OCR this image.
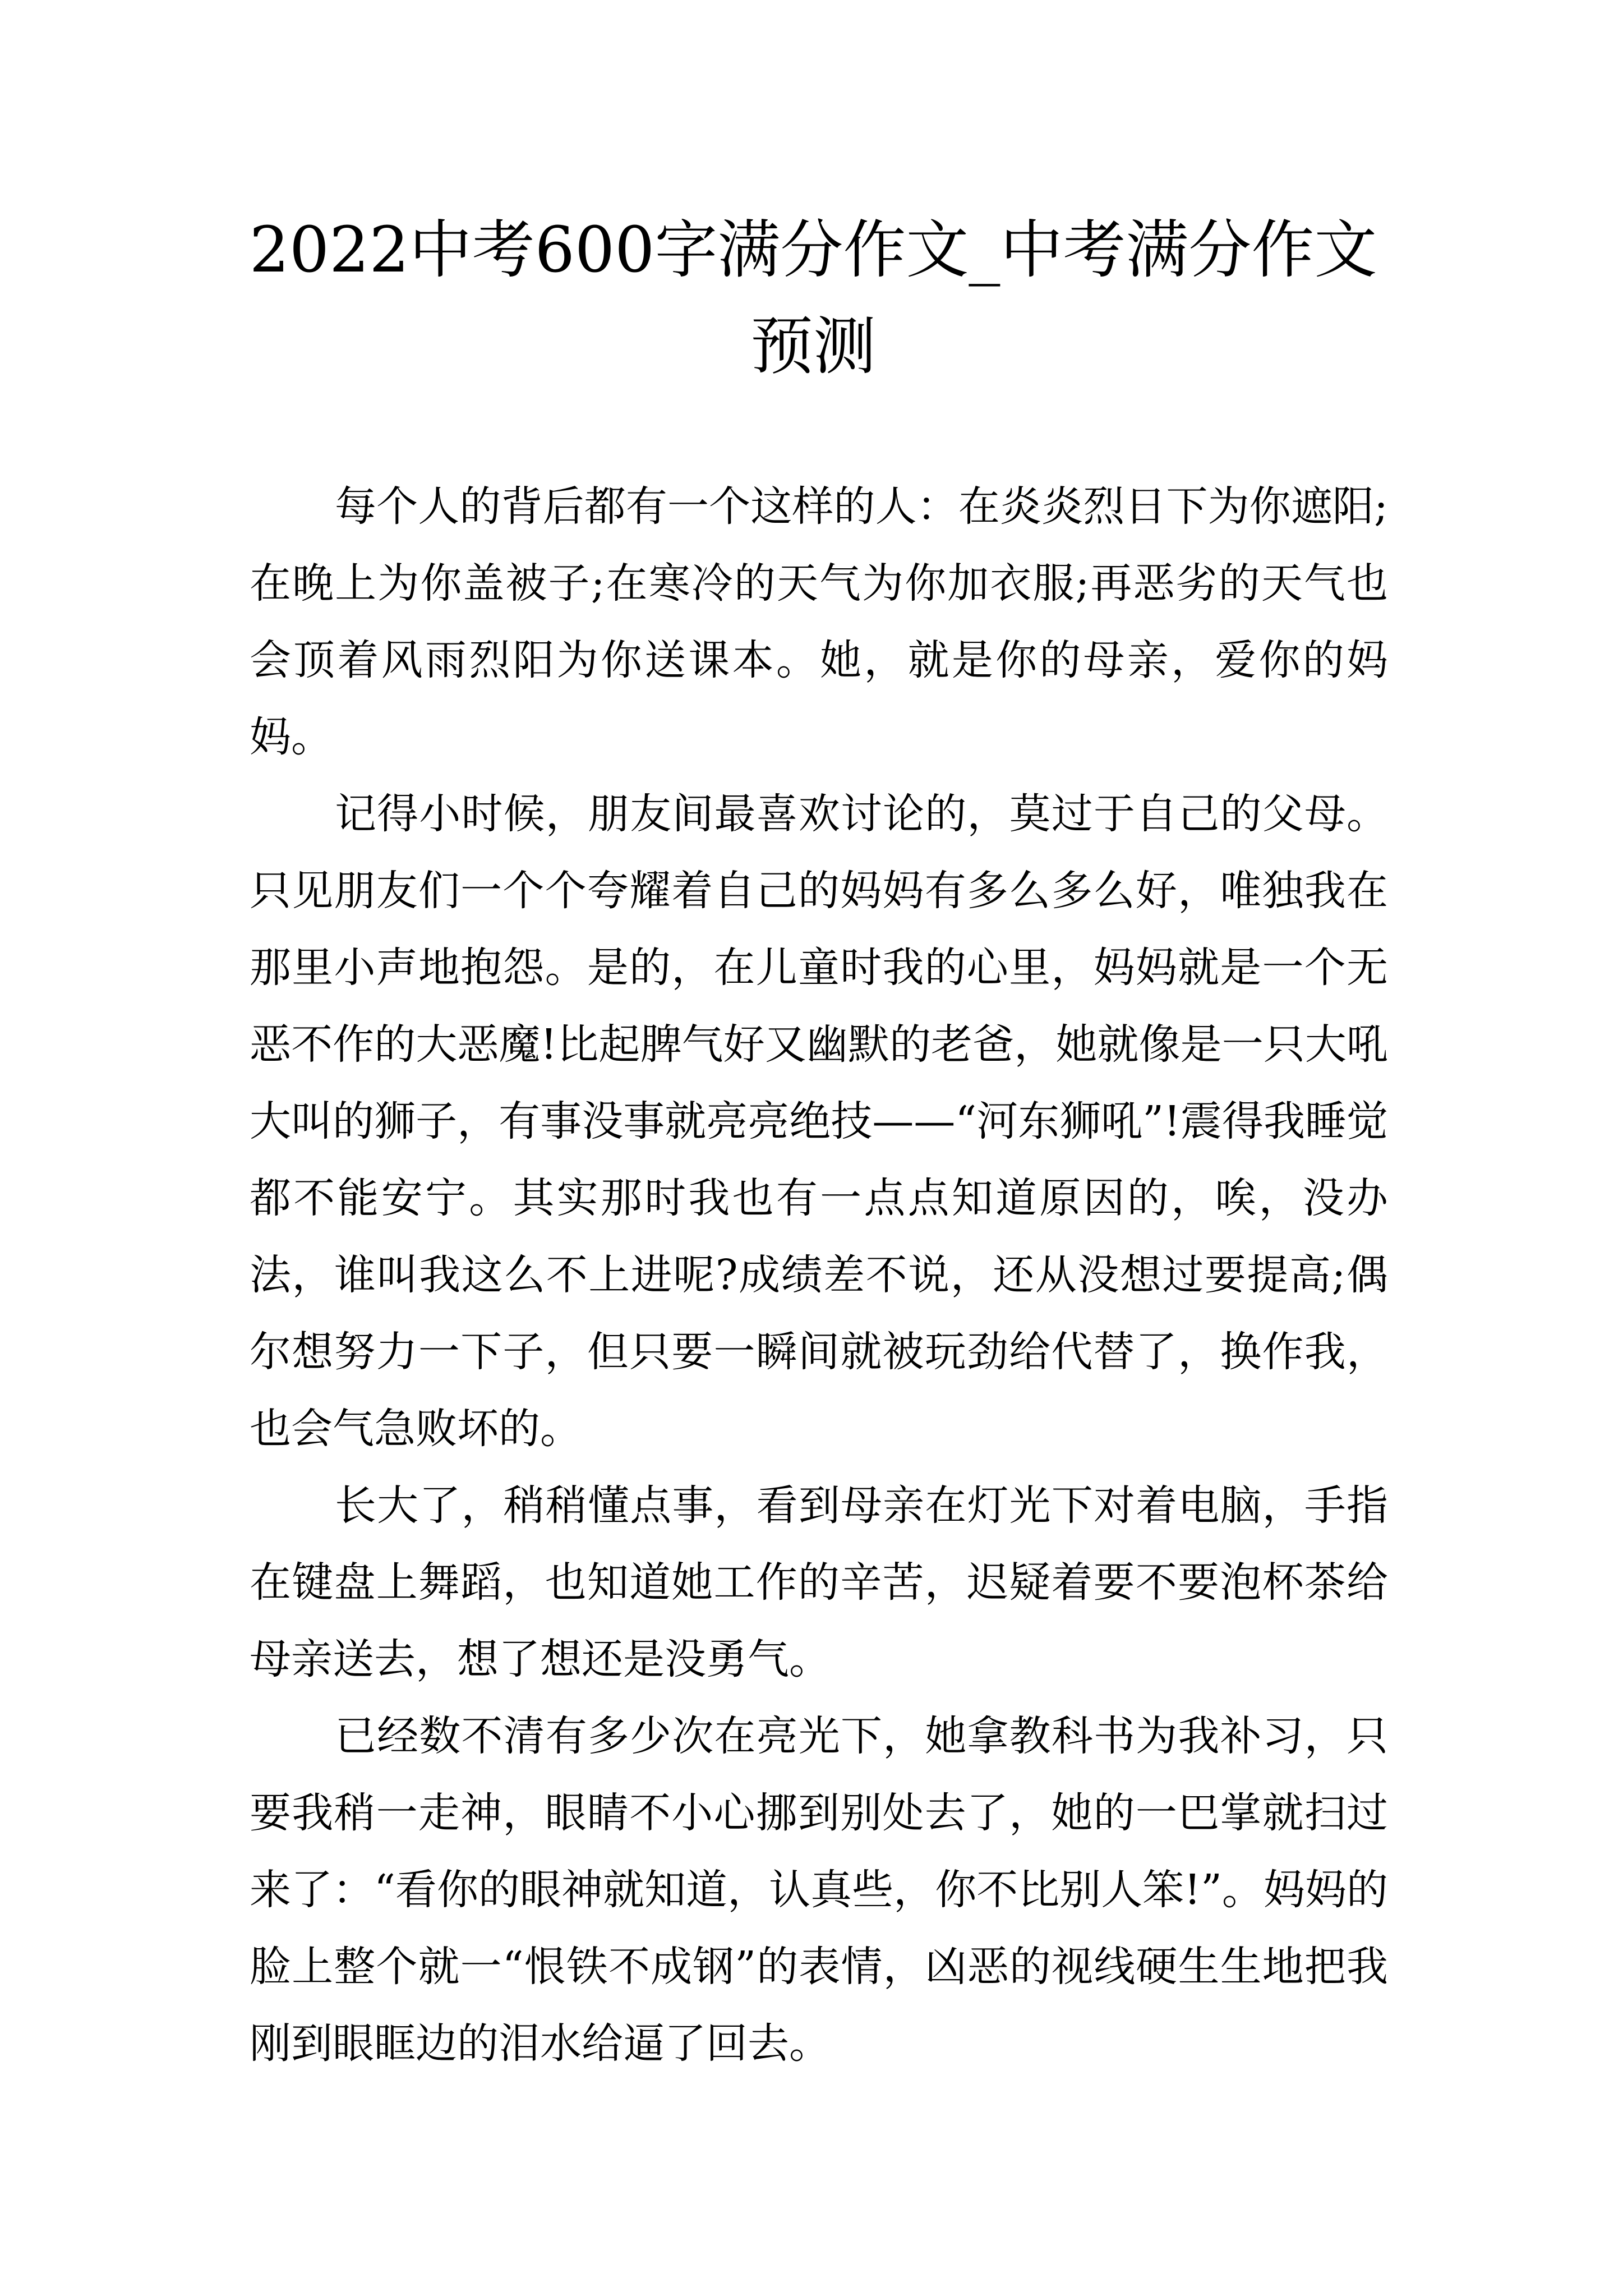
2022中考600字满分作文_中考满分作文预测

每个人的背后都有一个这样的人：在炎炎烈日下为你遮阳;在晚上为你盖被子;在寒冷的天气为你加衣服;再恶劣的天气也会顶着风雨烈阳为你送课本。她，就是你的母亲，爱你的妈妈。

记得小时候，朋友间最喜欢讨论的，莫过于自己的父母。只见朋友们一个个夸耀着自己的妈妈有多么多么好，唯独我在那里小声地抱怨。是的，在儿童时我的心里，妈妈就是一个无恶不作的大恶魔!比起脾气好又幽默的老爸，她就像是一只大吼大叫的狮子，有事没事就亮亮绝技——“河东狮吼”!震得我睡觉都不能安宁。其实那时我也有一点点知道原因的，唉，没办法，谁叫我这么不上进呢?成绩差不说，还从没想过要提高;偶尔想努力一下子，但只要一瞬间就被玩劲给代替了，换作我，也会气急败坏的。

长大了，稍稍懂点事，看到母亲在灯光下对着电脑，手指在键盘上舞蹈，也知道她工作的辛苦，迟疑着要不要泡杯茶给母亲送去，想了想还是没勇气。

已经数不清有多少次在亮光下，她拿教科书为我补习，只要我稍一走神，眼睛不小心挪到别处去了，她的一巴掌就扫过来了：“看你的眼神就知道，认真些，你不比别人笨!”。妈妈的脸上整个就一“恨铁不成钢”的表情，凶恶的视线硬生生地把我刚到眼眶边的泪水给逼了回去。
